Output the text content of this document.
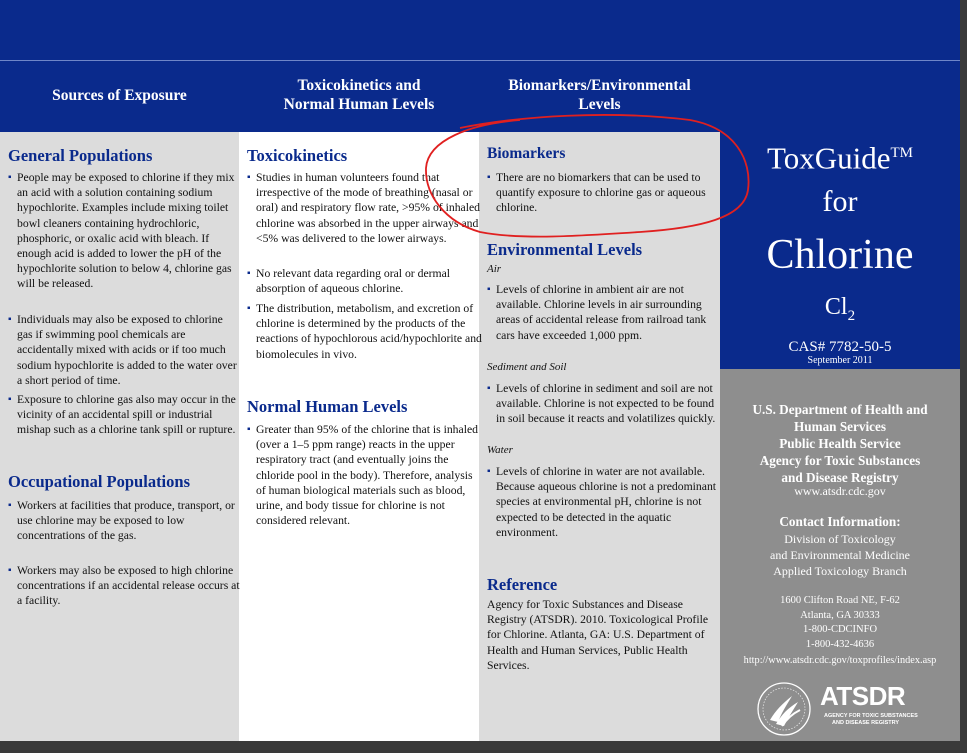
Sources of Exposure
Toxicokinetics and
Normal Human Levels
Biomarkers/Environmental
Levels
General Populations
▪ People may be exposed to chlorine if they mix an acid with a solution containing sodium hypochlorite. Examples include mixing toilet bowl cleaners containing hydrochloric, phosphoric, or oxalic acid with bleach. If enough acid is added to lower the pH of the hypochlorite solution to below 4, chlorine gas will be released.
▪ Individuals may also be exposed to chlorine gas if swimming pool chemicals are accidentally mixed with acids or if too much sodium hypochlorite is added to the water over a short period of time.
▪ Exposure to chlorine gas also may occur in the vicinity of an accidental spill or industrial mishap such as a chlorine tank spill or rupture.
Occupational Populations
▪ Workers at facilities that produce, transport, or use chlorine may be exposed to low concentrations of the gas.
▪ Workers may also be exposed to high chlorine concentrations if an accidental release occurs at a facility.
Toxicokinetics
▪ Studies in human volunteers found that irrespective of the mode of breathing (nasal or oral) and respiratory flow rate, >95% of inhaled chlorine was absorbed in the upper airways and <5% was delivered to the lower airways.
▪ No relevant data regarding oral or dermal absorption of aqueous chlorine.
▪ The distribution, metabolism, and excretion of chlorine is determined by the products of the reactions of hypochlorous acid/hypochlorite and biomolecules in vivo.
Normal Human Levels
▪ Greater than 95% of the chlorine that is inhaled (over a 1–5 ppm range) reacts in the upper respiratory tract (and eventually joins the chloride pool in the body). Therefore, analysis of human biological materials such as blood, urine, and body tissue for chlorine is not considered relevant.
Biomarkers
▪ There are no biomarkers that can be used to quantify exposure to chlorine gas or aqueous chlorine.
Environmental Levels
Air
▪ Levels of chlorine in ambient air are not available. Chlorine levels in air surrounding areas of accidental release from railroad tank cars have exceeded 1,000 ppm.
Sediment and Soil
▪ Levels of chlorine in sediment and soil are not available. Chlorine is not expected to be found in soil because it reacts and volatilizes quickly.
Water
▪ Levels of chlorine in water are not available. Because aqueous chlorine is not a predominant species at environmental pH, chlorine is not expected to be detected in the aquatic environment.
Reference
Agency for Toxic Substances and Disease Registry (ATSDR). 2010. Toxicological Profile for Chlorine. Atlanta, GA: U.S. Department of Health and Human Services, Public Health Services.
ToxGuide™
for
Chlorine
$Cl_2$
CAS# 7782-50-5
September 2011
U.S. Department of Health and
Human Services
Public Health Service
Agency for Toxic Substances
and Disease Registry
www.atsdr.cdc.gov
Contact Information:
Division of Toxicology
and Environmental Medicine
Applied Toxicology Branch
1600 Clifton Road NE, F-62
Atlanta, GA 30333
1-800-CDCINFO
1-800-432-4636
http://www.atsdr.cdc.gov/toxprofiles/index.asp
ATSDR
AGENCY FOR TOXIC SUBSTANCES
AND DISEASE REGISTRY
